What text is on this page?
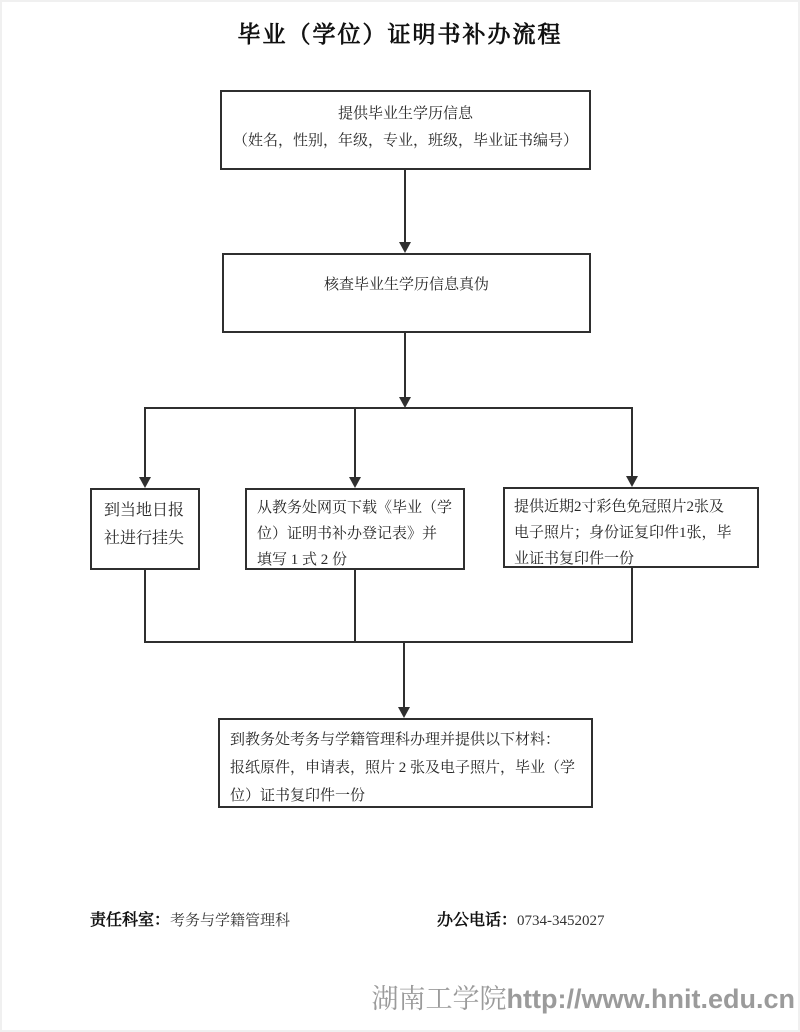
毕业（学位）证明书补办流程
提供毕业生学历信息
（姓名，性别，年级，专业，班级，毕业证书编号）
核查毕业生学历信息真伪
到当地日报
社进行挂失
从教务处网页下载《毕业（学
位）证明书补办登记表》并
填写 1 式 2 份
提供近期2寸彩色免冠照片2张及
电子照片；身份证复印件1张，毕
业证书复印件一份
到教务处考务与学籍管理科办理并提供以下材料：
报纸原件，申请表，照片 2 张及电子照片，毕业（学
位）证书复印件一份
责任科室：考务与学籍管理科	办公电话：0734-3452027
湖南工学院http://www.hnit.edu.cn
